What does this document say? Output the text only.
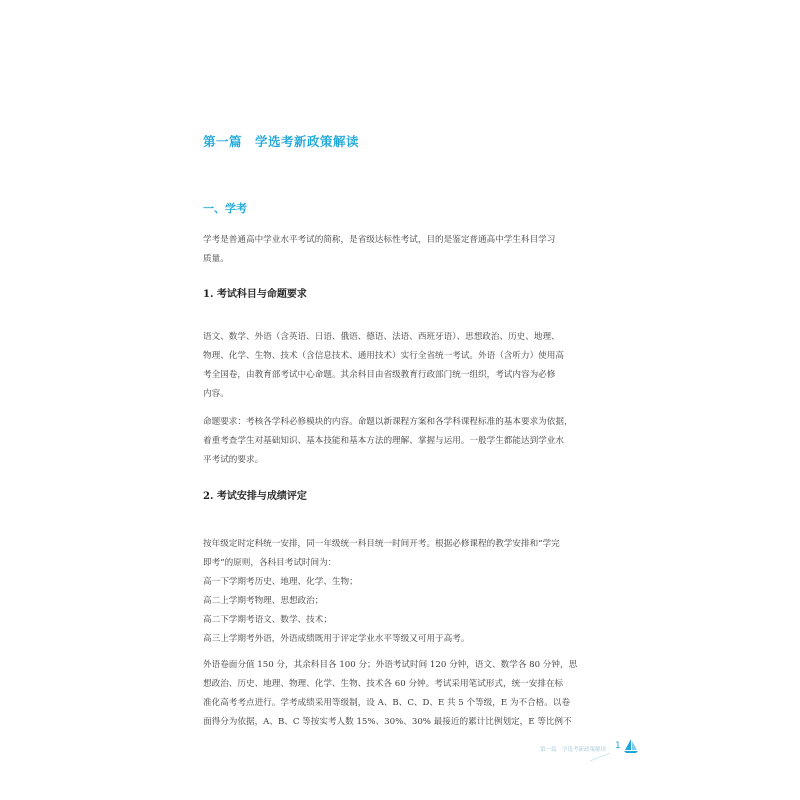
第一篇　学选考新政策解读
一、学考
学考是普通高中学业水平考试的简称，是省级达标性考试，目的是鉴定普通高中学生科目学习
质量。
1. 考试科目与命题要求
语文、数学、外语（含英语、日语、俄语、德语、法语、西班牙语）、思想政治、历史、地理、
物理、化学、生物、技术（含信息技术、通用技术）实行全省统一考试。外语（含听力）使用高
考全国卷，由教育部考试中心命题。其余科目由省级教育行政部门统一组织，考试内容为必修
内容。
命题要求：考核各学科必修模块的内容。命题以新课程方案和各学科课程标准的基本要求为依据，
着重考查学生对基础知识、基本技能和基本方法的理解、掌握与运用。一般学生都能达到学业水
平考试的要求。
2. 考试安排与成绩评定
按年级定时定科统一安排，同一年级统一科目统一时间开考。根据必修课程的教学安排和“学完
即考”的原则，各科目考试时间为：
高一下学期考历史、地理、化学、生物；
高二上学期考物理、思想政治；
高二下学期考语文、数学、技术；
高三上学期考外语，外语成绩既用于评定学业水平等级又可用于高考。
外语卷面分值 150 分，其余科目各 100 分；外语考试时间 120 分钟，语文、数学各 80 分钟，思
想政治、历史、地理、物理、化学、生物、技术各 60 分钟。考试采用笔试形式，统一安排在标
准化高考考点进行。学考成绩采用等级制，设 A、B、C、D、E 共 5 个等级，E 为不合格。以卷
面得分为依据，A、B、C 等按实考人数 15%、30%、30% 最接近的累计比例划定，E 等比例不
第一篇　学选考新政策解读 1
